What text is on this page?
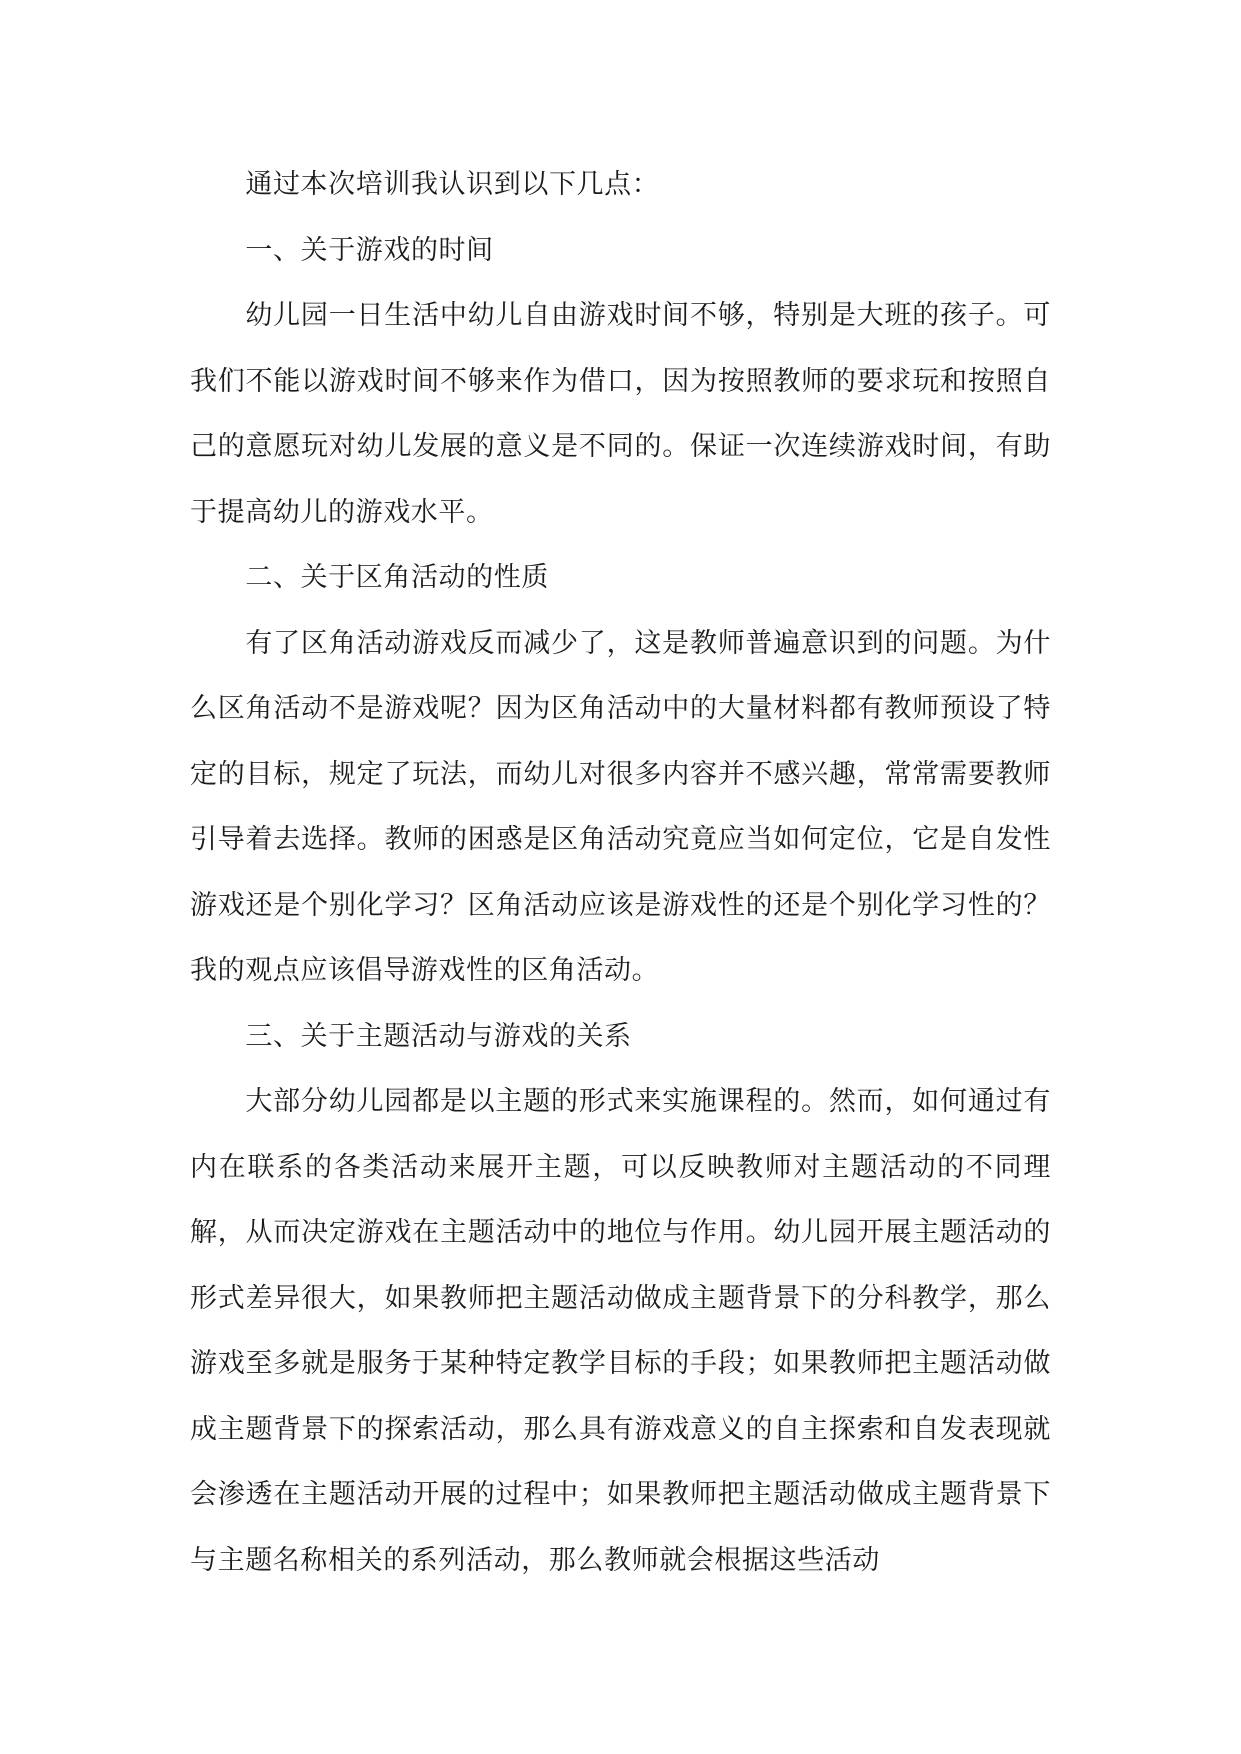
通过本次培训我认识到以下几点：

一、关于游戏的时间

幼儿园一日生活中幼儿自由游戏时间不够，特别是大班的孩子。可我们不能以游戏时间不够来作为借口，因为按照教师的要求玩和按照自己的意愿玩对幼儿发展的意义是不同的。保证一次连续游戏时间，有助于提高幼儿的游戏水平。

二、关于区角活动的性质

有了区角活动游戏反而减少了，这是教师普遍意识到的问题。为什么区角活动不是游戏呢？因为区角活动中的大量材料都有教师预设了特定的目标，规定了玩法，而幼儿对很多内容并不感兴趣，常常需要教师引导着去选择。教师的困惑是区角活动究竟应当如何定位，它是自发性游戏还是个别化学习？区角活动应该是游戏性的还是个别化学习性的？我的观点应该倡导游戏性的区角活动。

三、关于主题活动与游戏的关系

大部分幼儿园都是以主题的形式来实施课程的。然而，如何通过有内在联系的各类活动来展开主题，可以反映教师对主题活动的不同理解，从而决定游戏在主题活动中的地位与作用。幼儿园开展主题活动的形式差异很大，如果教师把主题活动做成主题背景下的分科教学，那么游戏至多就是服务于某种特定教学目标的手段；如果教师把主题活动做成主题背景下的探索活动，那么具有游戏意义的自主探索和自发表现就会渗透在主题活动开展的过程中；如果教师把主题活动做成主题背景下与主题名称相关的系列活动，那么教师就会根据这些活动
